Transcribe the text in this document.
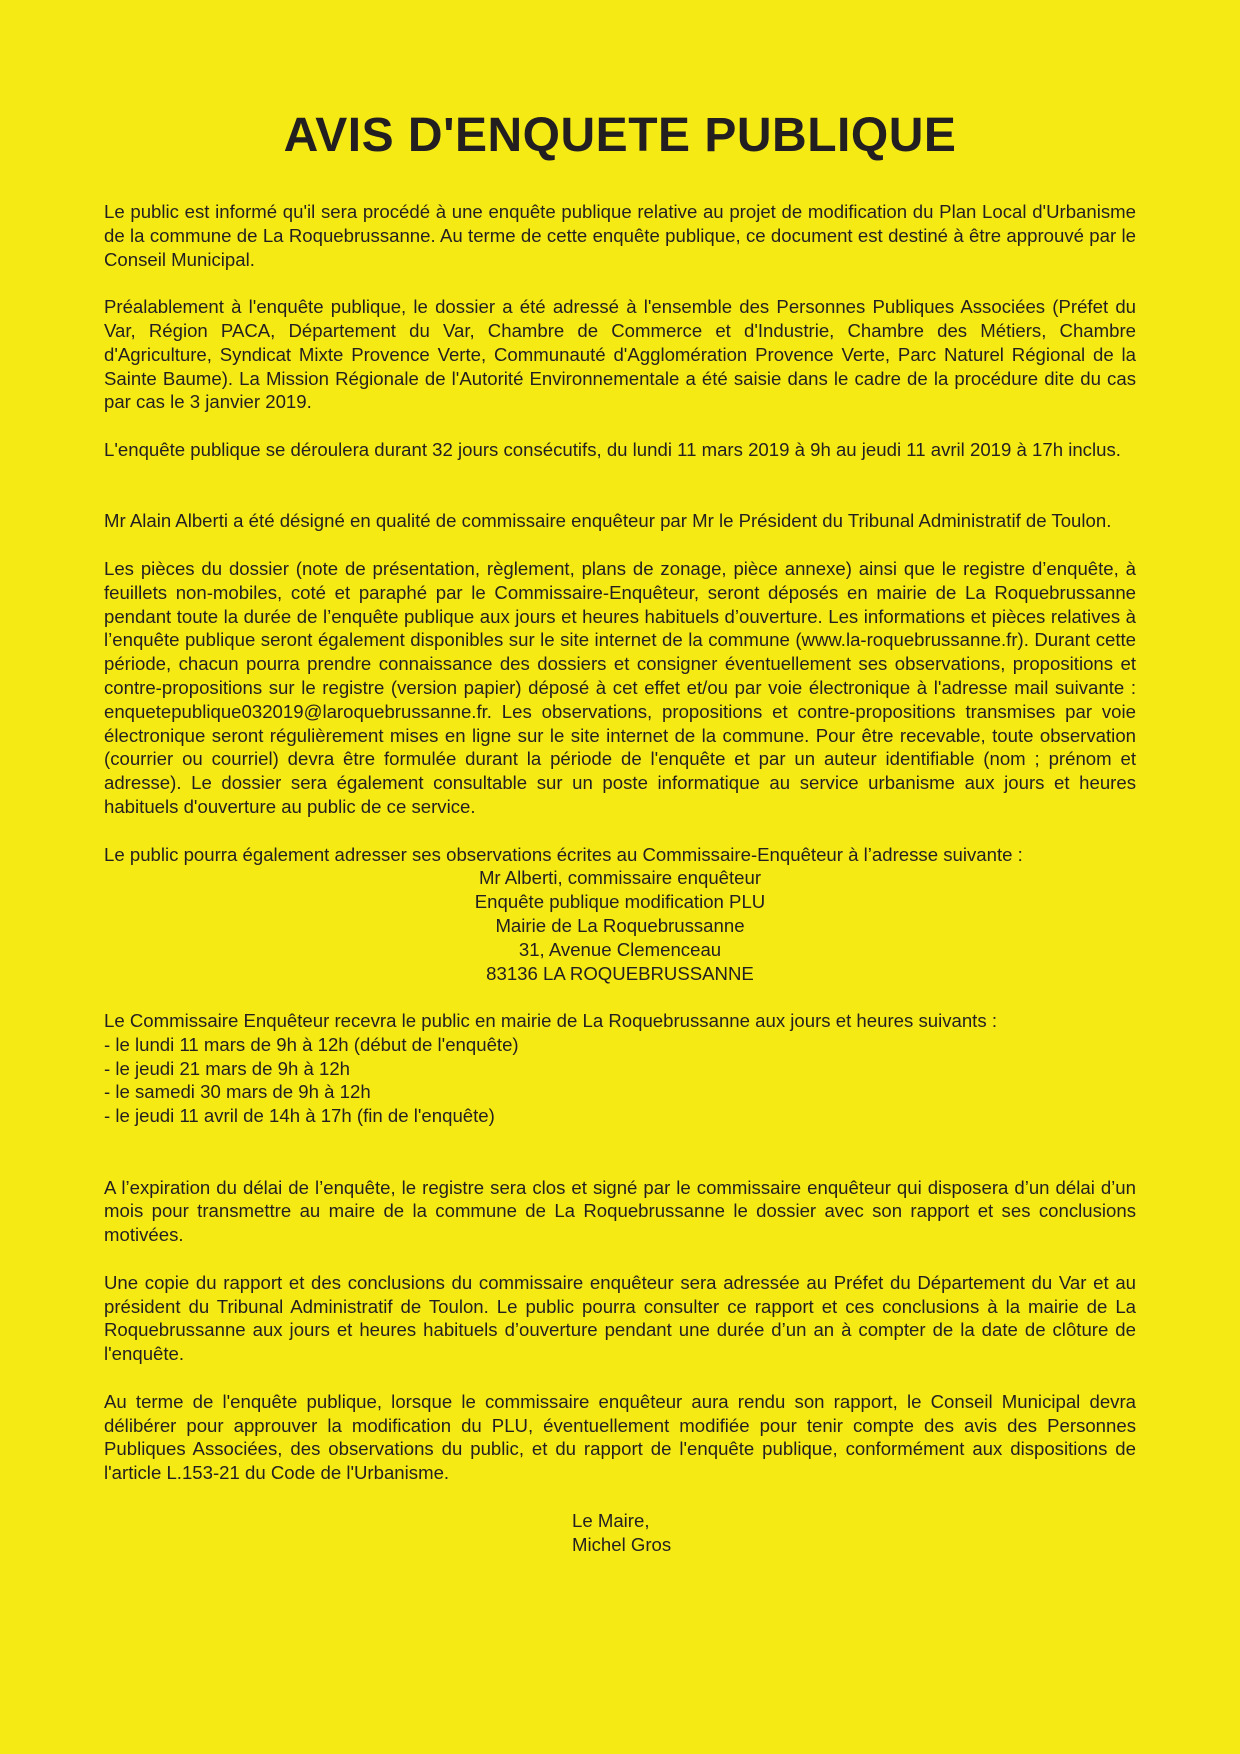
AVIS D'ENQUETE PUBLIQUE

Le public est informé qu'il sera procédé à une enquête publique relative au projet de modification du Plan Local d'Urbanisme de la commune de La Roquebrussanne. Au terme de cette enquête publique, ce document est destiné à être approuvé par le Conseil Municipal.

Préalablement à l'enquête publique, le dossier a été adressé à l'ensemble des Personnes Publiques Associées (Préfet du Var, Région PACA, Département du Var, Chambre de Commerce et d'Industrie, Chambre des Métiers, Chambre d'Agriculture, Syndicat Mixte Provence Verte, Communauté d'Agglomération Provence Verte, Parc Naturel Régional de la Sainte Baume). La Mission Régionale de l'Autorité Environnementale a été saisie dans le cadre de la procédure dite du cas par cas le 3 janvier 2019.

L'enquête publique se déroulera durant 32 jours consécutifs, du lundi 11 mars 2019 à 9h au jeudi 11 avril 2019 à 17h inclus.

Mr Alain Alberti a été désigné en qualité de commissaire enquêteur par Mr le Président du Tribunal Administratif de Toulon.

Les pièces du dossier (note de présentation, règlement, plans de zonage, pièce annexe) ainsi que le registre d’enquête, à feuillets non-mobiles, coté et paraphé par le Commissaire-Enquêteur, seront déposés en mairie de La Roquebrussanne pendant toute la durée de l’enquête publique aux jours et heures habituels d’ouverture. Les informations et pièces relatives à l’enquête publique seront également disponibles sur le site internet de la commune (www.la-roquebrussanne.fr). Durant cette période, chacun pourra prendre connaissance des dossiers et consigner éventuellement ses observations, propositions et contre-propositions sur le registre (version papier) déposé à cet effet et/ou par voie électronique à l'adresse mail suivante : enquetepublique032019@laroquebrussanne.fr. Les observations, propositions et contre-propositions transmises par voie électronique seront régulièrement mises en ligne sur le site internet de la commune. Pour être recevable, toute observation (courrier ou courriel) devra être formulée durant la période de l'enquête et par un auteur identifiable (nom ; prénom et adresse). Le dossier sera également consultable sur un poste informatique au service urbanisme aux jours et heures habituels d'ouverture au public de ce service.

Le public pourra également adresser ses observations écrites au Commissaire-Enquêteur à l’adresse suivante :

Mr Alberti, commissaire enquêteur
Enquête publique modification PLU
Mairie de La Roquebrussanne
31, Avenue Clemenceau
83136 LA ROQUEBRUSSANNE

Le Commissaire Enquêteur recevra le public en mairie de La Roquebrussanne aux jours et heures suivants :

- le lundi 11 mars de 9h à 12h (début de l'enquête)
- le jeudi 21 mars de 9h à 12h
- le samedi 30 mars de 9h à 12h
- le jeudi 11 avril de 14h à 17h (fin de l'enquête)

A l’expiration du délai de l’enquête, le registre sera clos et signé par le commissaire enquêteur qui disposera d’un délai d’un mois pour transmettre au maire de la commune de La Roquebrussanne le dossier avec son rapport et ses conclusions motivées.

Une copie du rapport et des conclusions du commissaire enquêteur sera adressée au Préfet du Département du Var et au président du Tribunal Administratif de Toulon. Le public pourra consulter ce rapport et ces conclusions à la mairie de La Roquebrussanne aux jours et heures habituels d’ouverture pendant une durée d’un an à compter de la date de clôture de l'enquête.

Au terme de l'enquête publique, lorsque le commissaire enquêteur aura rendu son rapport, le Conseil Municipal devra délibérer pour approuver la modification du PLU, éventuellement modifiée pour tenir compte des avis des Personnes Publiques Associées, des observations du public, et du rapport de l'enquête publique, conformément aux dispositions de l'article L.153-21 du Code de l'Urbanisme.

Le Maire,
Michel Gros
